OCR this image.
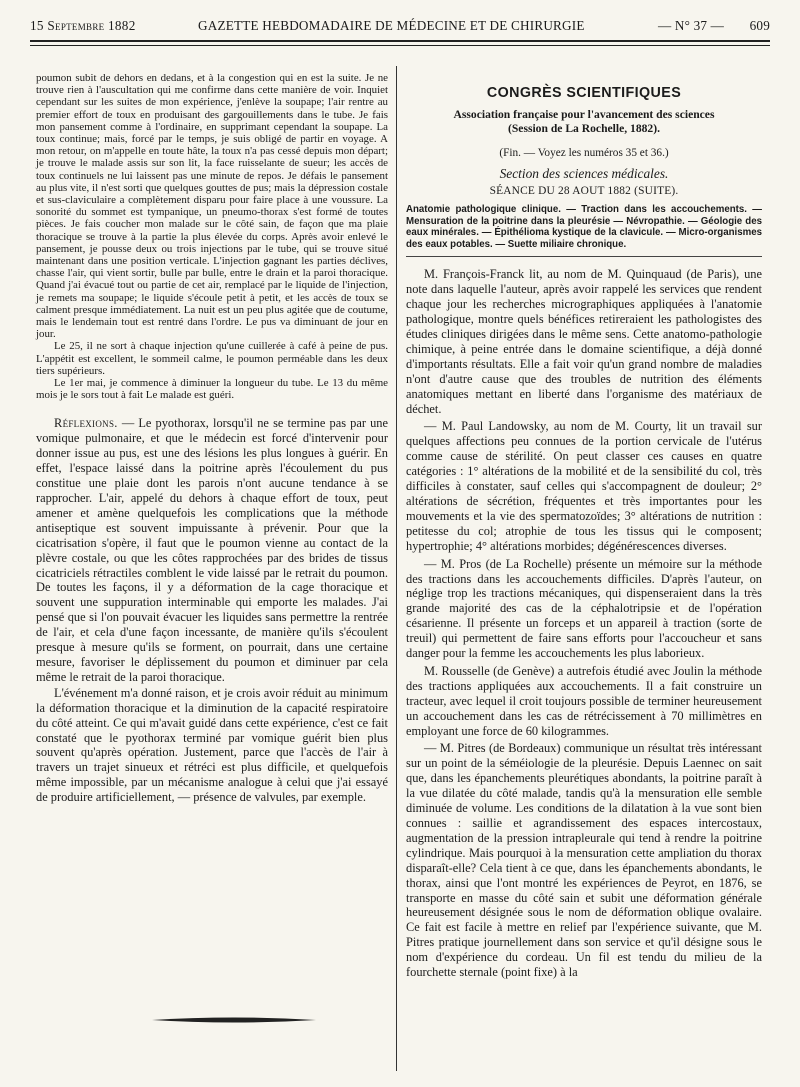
15 Septembre 1882	GAZETTE HEBDOMADAIRE DE MÉDECINE ET DE CHIRURGIE	— N° 37 — 609

poumon subit de dehors en dedans, et à la congestion qui en est la suite. Je ne trouve rien à l'auscultation qui me confirme dans cette manière de voir. Inquiet cependant sur les suites de mon expérience, j'enlève la soupape; l'air rentre au premier effort de toux en produisant des gargouillements dans le tube. Je fais mon pansement comme à l'ordinaire, en supprimant cependant la soupape. La toux continue; mais, forcé par le temps, je suis obligé de partir en voyage. A mon retour, on m'appelle en toute hâte, la toux n'a pas cessé depuis mon départ; je trouve le malade assis sur son lit, la face ruisselante de sueur; les accès de toux continuels ne lui laissent pas une minute de repos. Je défais le pansement au plus vite, il n'est sorti que quelques gouttes de pus; mais la dépression costale et sus-claviculaire a complètement disparu pour faire place à une voussure. La sonorité du sommet est tympanique, un pneumo-thorax s'est formé de toutes pièces. Je fais coucher mon malade sur le côté sain, de façon que ma plaie thoracique se trouve à la partie la plus élevée du corps. Après avoir enlevé le pansement, je pousse deux ou trois injections par le tube, qui se trouve situé maintenant dans une position verticale. L'injection gagnant les parties déclives, chasse l'air, qui vient sortir, bulle par bulle, entre le drain et la paroi thoracique. Quand j'ai évacué tout ou partie de cet air, remplacé par le liquide de l'injection, je remets ma soupape; le liquide s'écoule petit à petit, et les accès de toux se calment presque immédiatement. La nuit est un peu plus agitée que de coutume, mais le lendemain tout est rentré dans l'ordre. Le pus va diminuant de jour en jour.

Le 25, il ne sort à chaque injection qu'une cuillerée à café à peine de pus. L'appétit est excellent, le sommeil calme, le poumon perméable dans les deux tiers supérieurs.

Le 1er mai, je commence à diminuer la longueur du tube. Le 13 du même mois je le sors tout à fait Le malade est guéri.

Réflexions. — Le pyothorax, lorsqu'il ne se termine pas par une vomique pulmonaire, et que le médecin est forcé d'intervenir pour donner issue au pus, est une des lésions les plus longues à guérir. En effet, l'espace laissé dans la poitrine après l'écoulement du pus constitue une plaie dont les parois n'ont aucune tendance à se rapprocher. L'air, appelé du dehors à chaque effort de toux, peut amener et amène quelquefois les complications que la méthode antiseptique est souvent impuissante à prévenir. Pour que la cicatrisation s'opère, il faut que le poumon vienne au contact de la plèvre costale, ou que les côtes rapprochées par des brides de tissus cicatriciels rétractiles comblent le vide laissé par le retrait du poumon. De toutes les façons, il y a déformation de la cage thoracique et souvent une suppuration interminable qui emporte les malades. J'ai pensé que si l'on pouvait évacuer les liquides sans permettre la rentrée de l'air, et cela d'une façon incessante, de manière qu'ils s'écoulent presque à mesure qu'ils se forment, on pourrait, dans une certaine mesure, favoriser le déplissement du poumon et diminuer par cela même le retrait de la paroi thoracique.

L'événement m'a donné raison, et je crois avoir réduit au minimum la déformation thoracique et la diminution de la capacité respiratoire du côté atteint. Ce qui m'avait guidé dans cette expérience, c'est ce fait constaté que le pyothorax terminé par vomique guérit bien plus souvent qu'après opération. Justement, parce que l'accès de l'air à travers un trajet sinueux et rétréci est plus difficile, et quelquefois même impossible, par un mécanisme analogue à celui que j'ai essayé de produire artificiellement, — présence de valvules, par exemple.

CONGRÈS SCIENTIFIQUES
Association française pour l'avancement des sciences
(Session de La Rochelle, 1882).
(Fin. — Voyez les numéros 35 et 36.)
Section des sciences médicales.
SÉANCE DU 28 AOUT 1882 (SUITE).
Anatomie pathologique clinique. — Traction dans les accouchements. — Mensuration de la poitrine dans la pleurésie — Névropathie. — Géologie des eaux minérales. — Épithélioma kystique de la clavicule. — Micro-organismes des eaux potables. — Suette miliaire chronique.

M. François-Franck lit, au nom de M. Quinquaud (de Paris), une note dans laquelle l'auteur, après avoir rappelé les services que rendent chaque jour les recherches micrographiques appliquées à l'anatomie pathologique, montre quels bénéfices retireraient les pathologistes des études cliniques dirigées dans le même sens. Cette anatomo-pathologie chimique, à peine entrée dans le domaine scientifique, a déjà donné d'importants résultats. Elle a fait voir qu'un grand nombre de maladies n'ont d'autre cause que des troubles de nutrition des éléments anatomiques mettant en liberté dans l'organisme des matériaux de déchet.

— M. Paul Landowsky, au nom de M. Courty, lit un travail sur quelques affections peu connues de la portion cervicale de l'utérus comme cause de stérilité. On peut classer ces causes en quatre catégories : 1° altérations de la mobilité et de la sensibilité du col, très difficiles à constater, sauf celles qui s'accompagnent de douleur; 2° altérations de sécrétion, fréquentes et très importantes pour les mouvements et la vie des spermatozoïdes; 3° altérations de nutrition : petitesse du col; atrophie de tous les tissus qui le composent; hypertrophie; 4° altérations morbides; dégénérescences diverses.

— M. Pros (de La Rochelle) présente un mémoire sur la méthode des tractions dans les accouchements difficiles. D'après l'auteur, on néglige trop les tractions mécaniques, qui dispenseraient dans la très grande majorité des cas de la céphalotripsie et de l'opération césarienne. Il présente un forceps et un appareil à traction (sorte de treuil) qui permettent de faire sans efforts pour l'accoucheur et sans danger pour la femme les accouchements les plus laborieux.

M. Rousselle (de Genève) a autrefois étudié avec Joulin la méthode des tractions appliquées aux accouchements. Il a fait construire un tracteur, avec lequel il croit toujours possible de terminer heureusement un accouchement dans les cas de rétrécissement à 70 millimètres en employant une force de 60 kilogrammes.

— M. Pitres (de Bordeaux) communique un résultat très intéressant sur un point de la séméiologie de la pleurésie. Depuis Laennec on sait que, dans les épanchements pleurétiques abondants, la poitrine paraît à la vue dilatée du côté malade, tandis qu'à la mensuration elle semble diminuée de volume. Les conditions de la dilatation à la vue sont bien connues : saillie et agrandissement des espaces intercostaux, augmentation de la pression intrapleurale qui tend à rendre la poitrine cylindrique. Mais pourquoi à la mensuration cette ampliation du thorax disparaît-elle? Cela tient à ce que, dans les épanchements abondants, le thorax, ainsi que l'ont montré les expériences de Peyrot, en 1876, se transporte en masse du côté sain et subit une déformation générale heureusement désignée sous le nom de déformation oblique ovalaire. Ce fait est facile à mettre en relief par l'expérience suivante, que M. Pitres pratique journellement dans son service et qu'il désigne sous le nom d'expérience du cordeau. Un fil est tendu du milieu de la fourchette sternale (point fixe) à la
